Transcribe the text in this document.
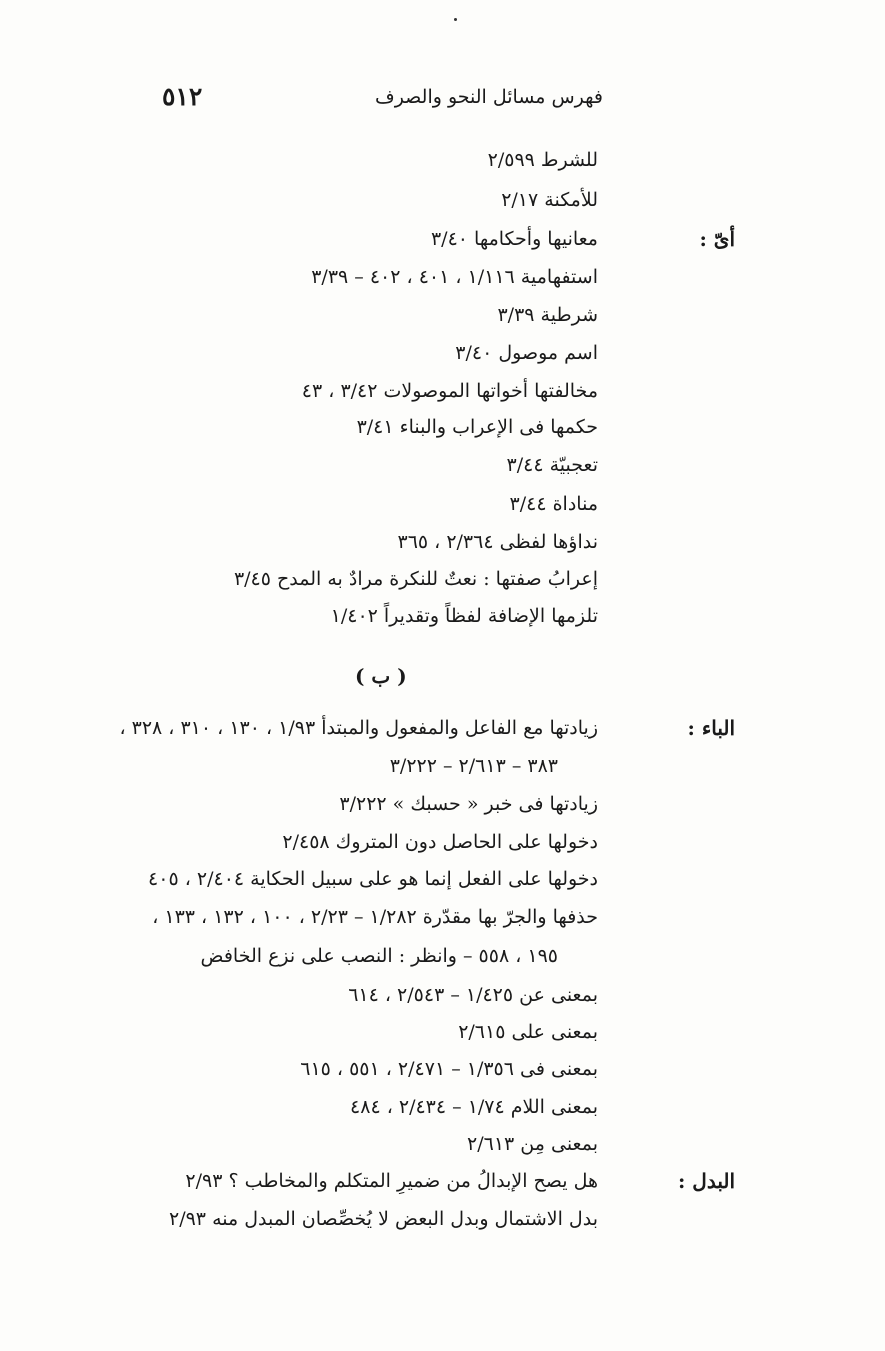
٥١٢	فهرس مسائل النحو والصرف
للشرط ٢/٥٩٩
للأمكنة ٢/١٧
أىّ :
معانيها وأحكامها ٣/٤٠
استفهامية ١/١١٦ ، ٤٠١ ، ٤٠٢ – ٣/٣٩
شرطية ٣/٣٩
اسم موصول ٣/٤٠
مخالفتها أخواتها الموصولات ٣/٤٢ ، ٤٣
حكمها فى الإعراب والبناء ٣/٤١
تعجبيّة ٣/٤٤
مناداة ٣/٤٤
نداؤها لفظى ٢/٣٦٤ ، ٣٦٥
إعرابُ صفتها : نعتٌ للنكرة مرادٌ به المدح ٣/٤٥
تلزمها الإضافة لفظاً وتقديراً ١/٤٠٢
( ب )
الباء :
زيادتها مع الفاعل والمفعول والمبتدأ ١/٩٣ ، ١٣٠ ، ٣١٠ ، ٣٢٨ ،
٣٨٣ – ٢/٦١٣ – ٣/٢٢٢
زيادتها فى خبر « حسبك » ٣/٢٢٢
دخولها على الحاصل دون المتروك ٢/٤٥٨
دخولها على الفعل إنما هو على سبيل الحكاية ٢/٤٠٤ ، ٤٠٥
حذفها والجرّ بها مقدّرة ١/٢٨٢ – ٢/٢٣ ، ١٠٠ ، ١٣٢ ، ١٣٣ ،
١٩٥ ، ٥٥٨ – وانظر : النصب على نزع الخافض
بمعنى عن ١/٤٢٥ – ٢/٥٤٣ ، ٦١٤
بمعنى على ٢/٦١٥
بمعنى فى ١/٣٥٦ – ٢/٤٧١ ، ٥٥١ ، ٦١٥
بمعنى اللام ١/٧٤ – ٢/٤٣٤ ، ٤٨٤
بمعنى مِن ٢/٦١٣
البدل :
هل يصح الإبدالُ من ضميرِ المتكلم والمخاطب ؟ ٢/٩٣
بدل الاشتمال وبدل البعض لا يُخصِّصان المبدل منه ٢/٩٣
